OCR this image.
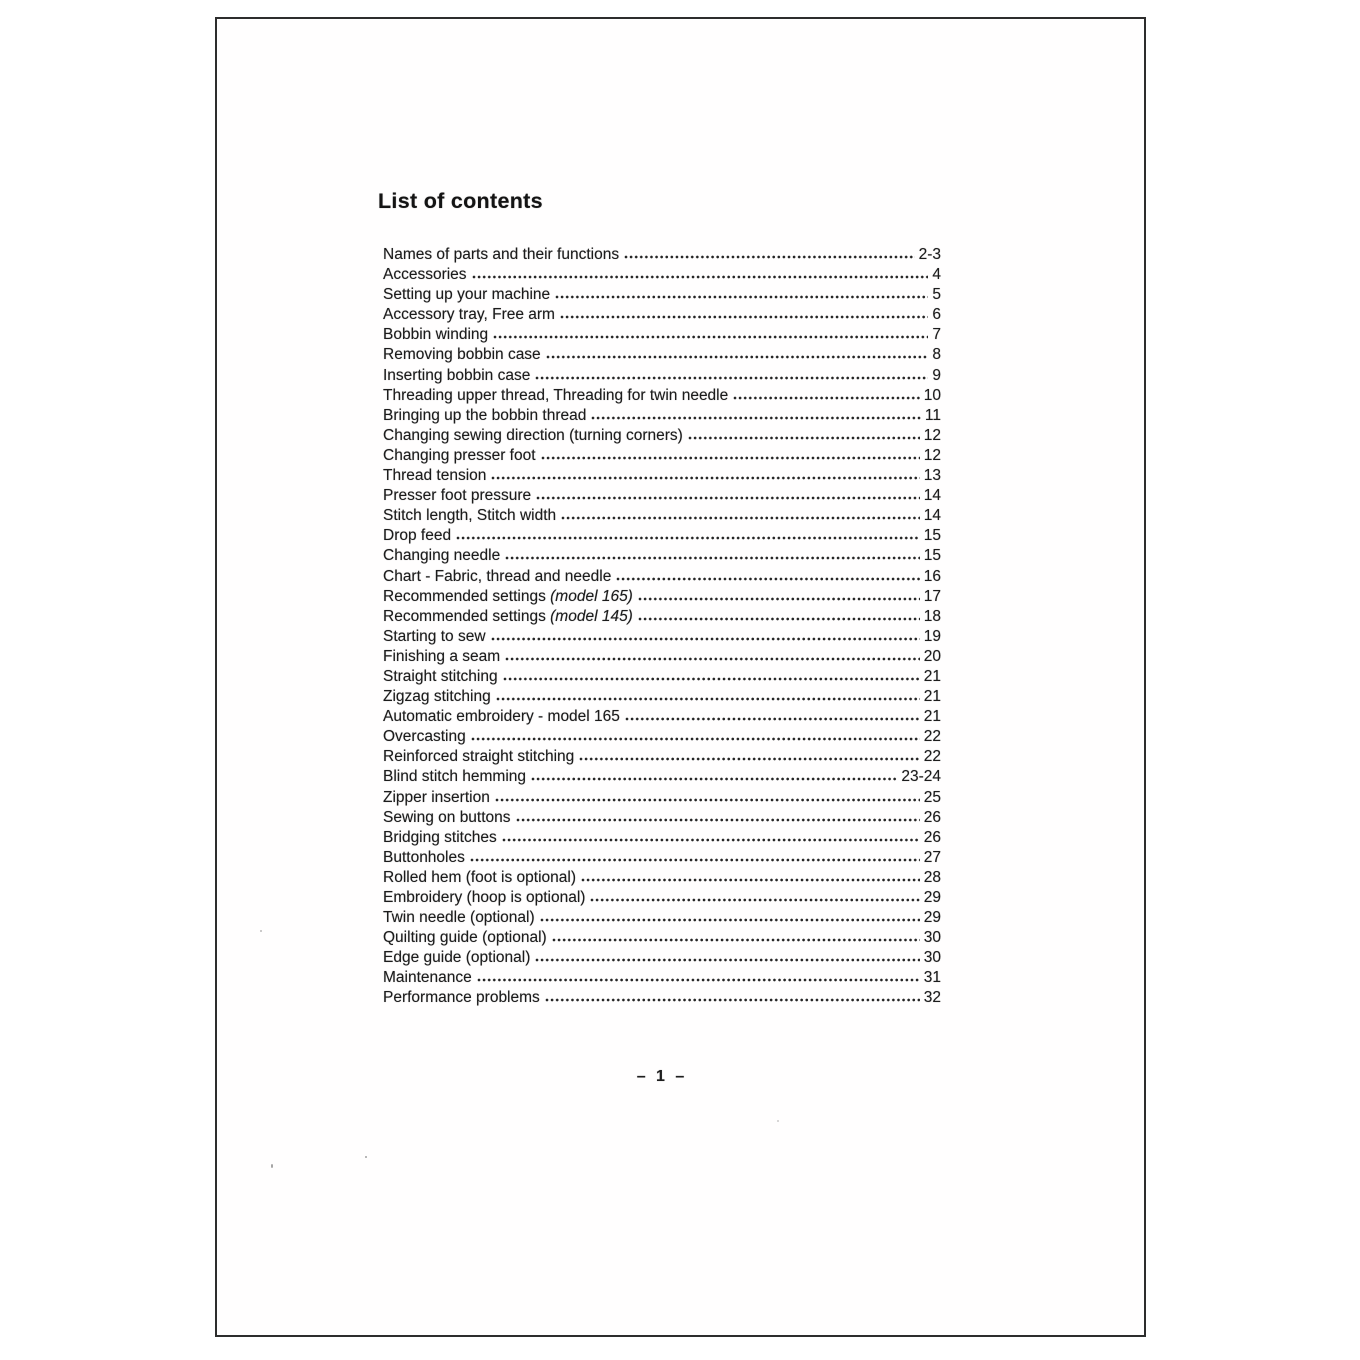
List of contents
Names of parts and their functions	2-3
Accessories	4
Setting up your machine	5
Accessory tray, Free arm	6
Bobbin winding	7
Removing bobbin case	8
Inserting bobbin case	9
Threading upper thread, Threading for twin needle	10
Bringing up the bobbin thread	11
Changing sewing direction (turning corners)	12
Changing presser foot	12
Thread tension	13
Presser foot pressure	14
Stitch length, Stitch width	14
Drop feed	15
Changing needle	15
Chart - Fabric, thread and needle	16
Recommended settings (model 165)	17
Recommended settings (model 145)	18
Starting to sew	19
Finishing a seam	20
Straight stitching	21
Zigzag stitching	21
Automatic embroidery - model 165	21
Overcasting	22
Reinforced straight stitching	22
Blind stitch hemming	23-24
Zipper insertion	25
Sewing on buttons	26
Bridging stitches	26
Buttonholes	27
Rolled hem (foot is optional)	28
Embroidery (hoop is optional)	29
Twin needle (optional)	29
Quilting guide (optional)	30
Edge guide (optional)	30
Maintenance	31
Performance problems	32
– 1 –
